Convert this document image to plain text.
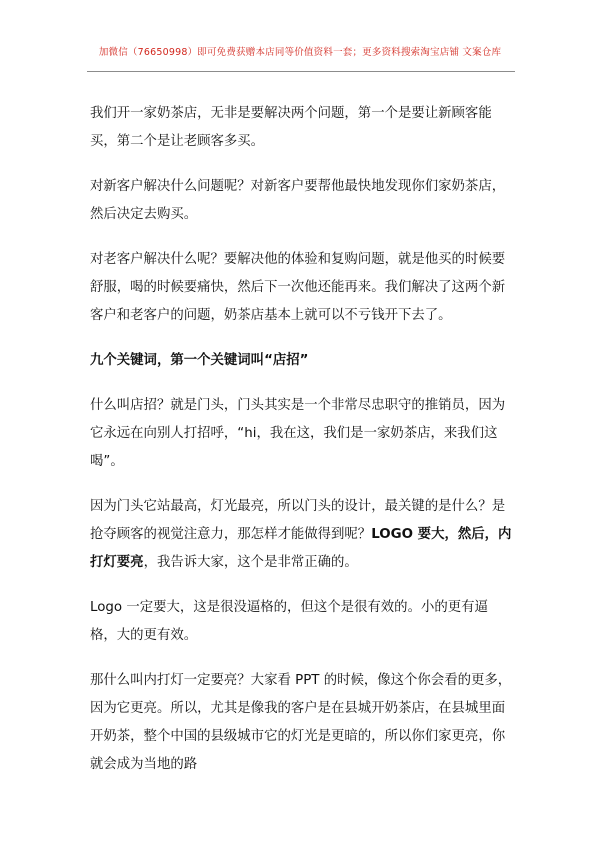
加微信（76650998）即可免费获赠本店同等价值资料一套；更多资料搜索淘宝店铺 文案仓库

我们开一家奶茶店，无非是要解决两个问题，第一个是要让新顾客能买，第二个是让老顾客多买。

对新客户解决什么问题呢？对新客户要帮他最快地发现你们家奶茶店，然后决定去购买。

对老客户解决什么呢？要解决他的体验和复购问题，就是他买的时候要舒服，喝的时候要痛快，然后下一次他还能再来。我们解决了这两个新客户和老客户的问题，奶茶店基本上就可以不亏钱开下去了。

九个关键词，第一个关键词叫“店招”

什么叫店招？就是门头，门头其实是一个非常尽忠职守的推销员，因为它永远在向别人打招呼，“hi，我在这，我们是一家奶茶店，来我们这喝”。

因为门头它站最高，灯光最亮，所以门头的设计，最关键的是什么？是抢夺顾客的视觉注意力，那怎样才能做得到呢？LOGO 要大，然后，内打灯要亮，我告诉大家，这个是非常正确的。

Logo 一定要大，这是很没逼格的，但这个是很有效的。小的更有逼格，大的更有效。

那什么叫内打灯一定要亮？大家看 PPT 的时候，像这个你会看的更多，因为它更亮。所以，尤其是像我的客户是在县城开奶茶店，在县城里面开奶茶，整个中国的县级城市它的灯光是更暗的，所以你们家更亮，你就会成为当地的路
